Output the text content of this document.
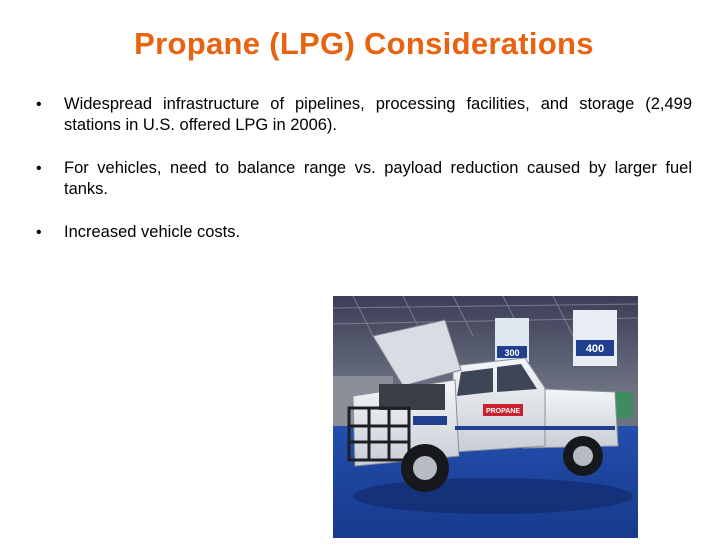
Propane (LPG) Considerations
• Widespread infrastructure of pipelines, processing facilities, and storage (2,499 stations in U.S. offered LPG in 2006).
• For vehicles, need to balance range vs. payload reduction caused by larger fuel tanks.
• Increased vehicle costs.
300	400
PROPANE
